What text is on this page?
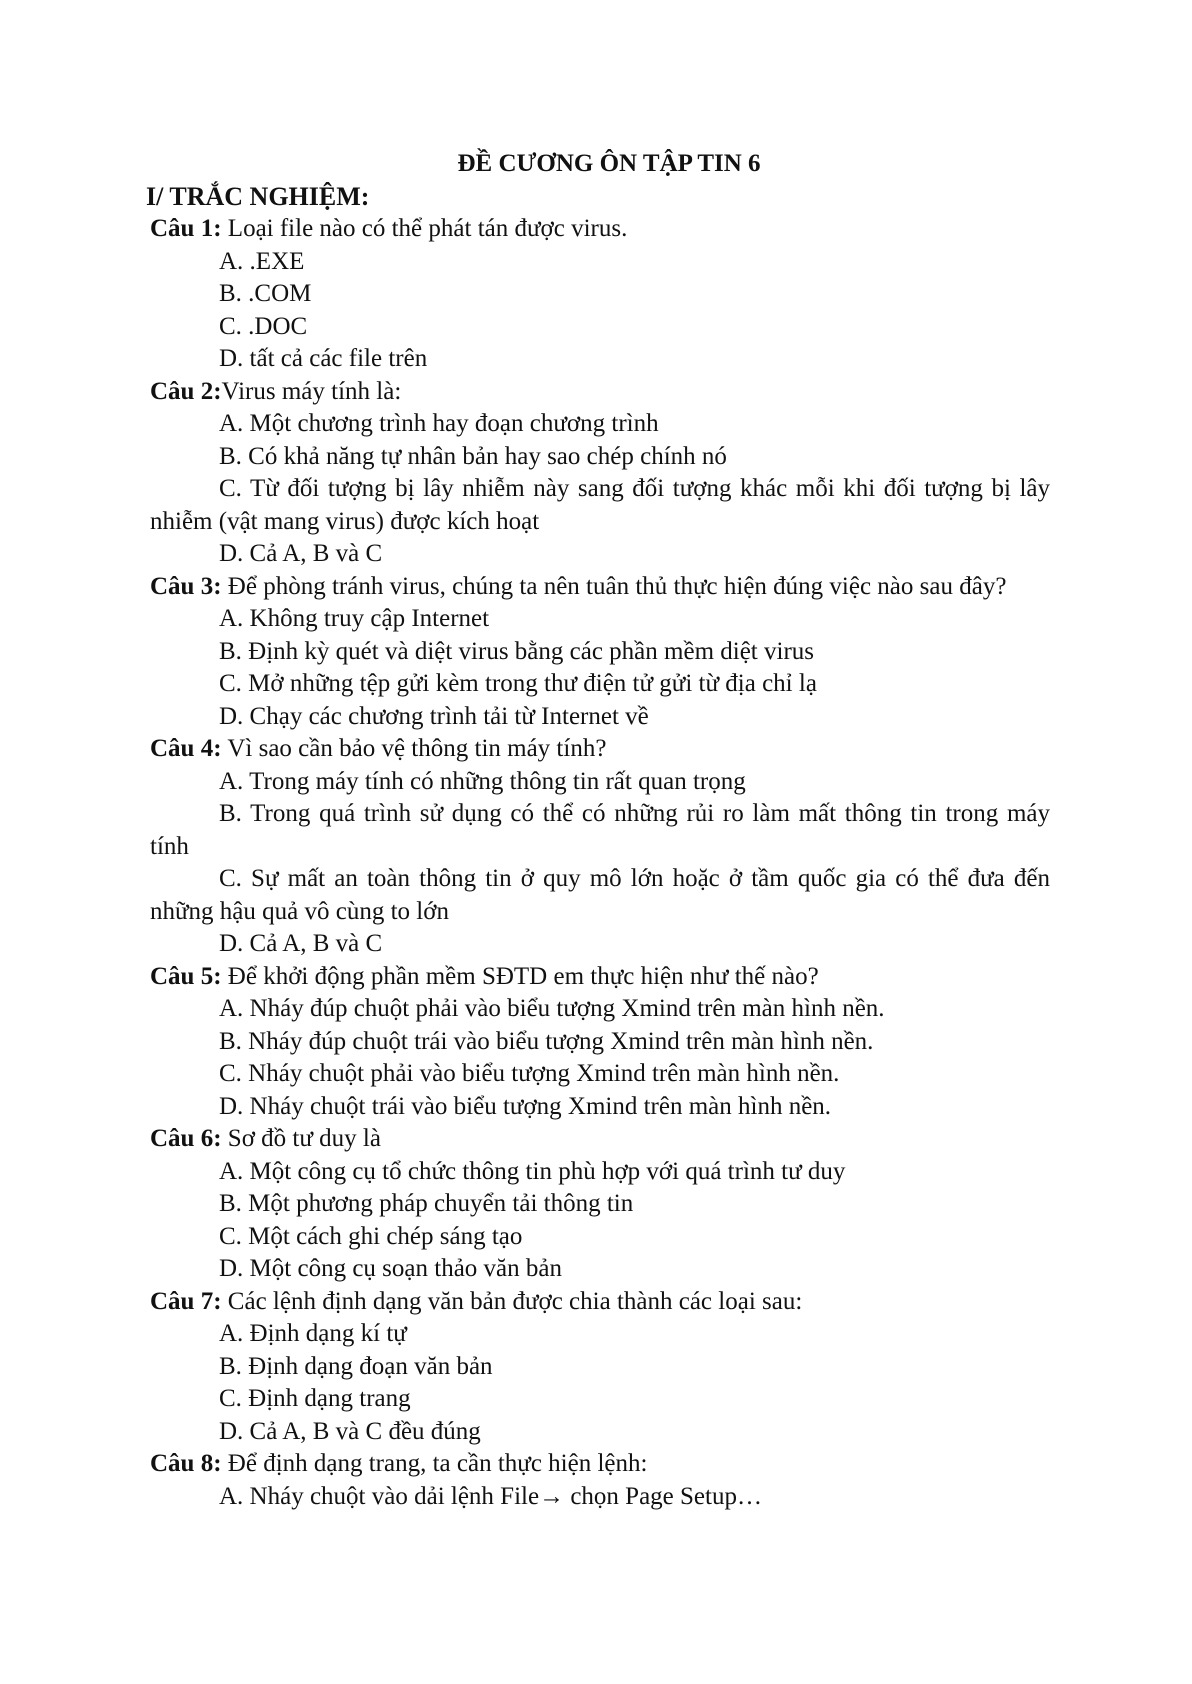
ĐỀ CƯƠNG ÔN TẬP TIN 6
I/ TRẮC NGHIỆM:
Câu 1: Loại file nào có thể phát tán được virus.
A. .EXE
B. .COM
C. .DOC
D. tất cả các file trên
Câu 2:Virus máy tính là:
A. Một chương trình hay đoạn chương trình
B. Có khả năng tự nhân bản hay sao chép chính nó
C. Từ đối tượng bị lây nhiễm này sang đối tượng khác mỗi khi đối tượng bị lây nhiễm (vật mang virus) được kích hoạt
D. Cả A, B và C
Câu 3: Để phòng tránh virus, chúng ta nên tuân thủ thực hiện đúng việc nào sau đây?
A. Không truy cập Internet
B. Định kỳ quét và diệt virus bằng các phần mềm diệt virus
C. Mở những tệp gửi kèm trong thư điện tử gửi từ địa chỉ lạ
D. Chạy các chương trình tải từ Internet về
Câu 4: Vì sao cần bảo vệ thông tin máy tính?
A. Trong máy tính có những thông tin rất quan trọng
B. Trong quá trình sử dụng có thể có những rủi ro làm mất thông tin trong máy tính
C. Sự mất an toàn thông tin ở quy mô lớn hoặc ở tầm quốc gia có thể đưa đến những hậu quả vô cùng to lớn
D. Cả A, B và C
Câu 5: Để khởi động phần mềm SĐTD em thực hiện như thế nào?
A. Nháy đúp chuột phải vào biểu tượng Xmind trên màn hình nền.
B. Nháy đúp chuột trái vào biểu tượng Xmind trên màn hình nền.
C. Nháy chuột phải vào biểu tượng Xmind trên màn hình nền.
D. Nháy chuột trái vào biểu tượng Xmind trên màn hình nền.
Câu 6: Sơ đồ tư duy là
A. Một công cụ tổ chức thông tin phù hợp với quá trình tư duy
B. Một phương pháp chuyển tải thông tin
C. Một cách ghi chép sáng tạo
D. Một công cụ soạn thảo văn bản
Câu 7: Các lệnh định dạng văn bản được chia thành các loại sau:
A. Định dạng kí tự
B. Định dạng đoạn văn bản
C. Định dạng trang
D. Cả A, B và C đều đúng
Câu 8: Để định dạng trang, ta cần thực hiện lệnh:
A. Nháy chuột vào dải lệnh File→ chọn Page Setup…
